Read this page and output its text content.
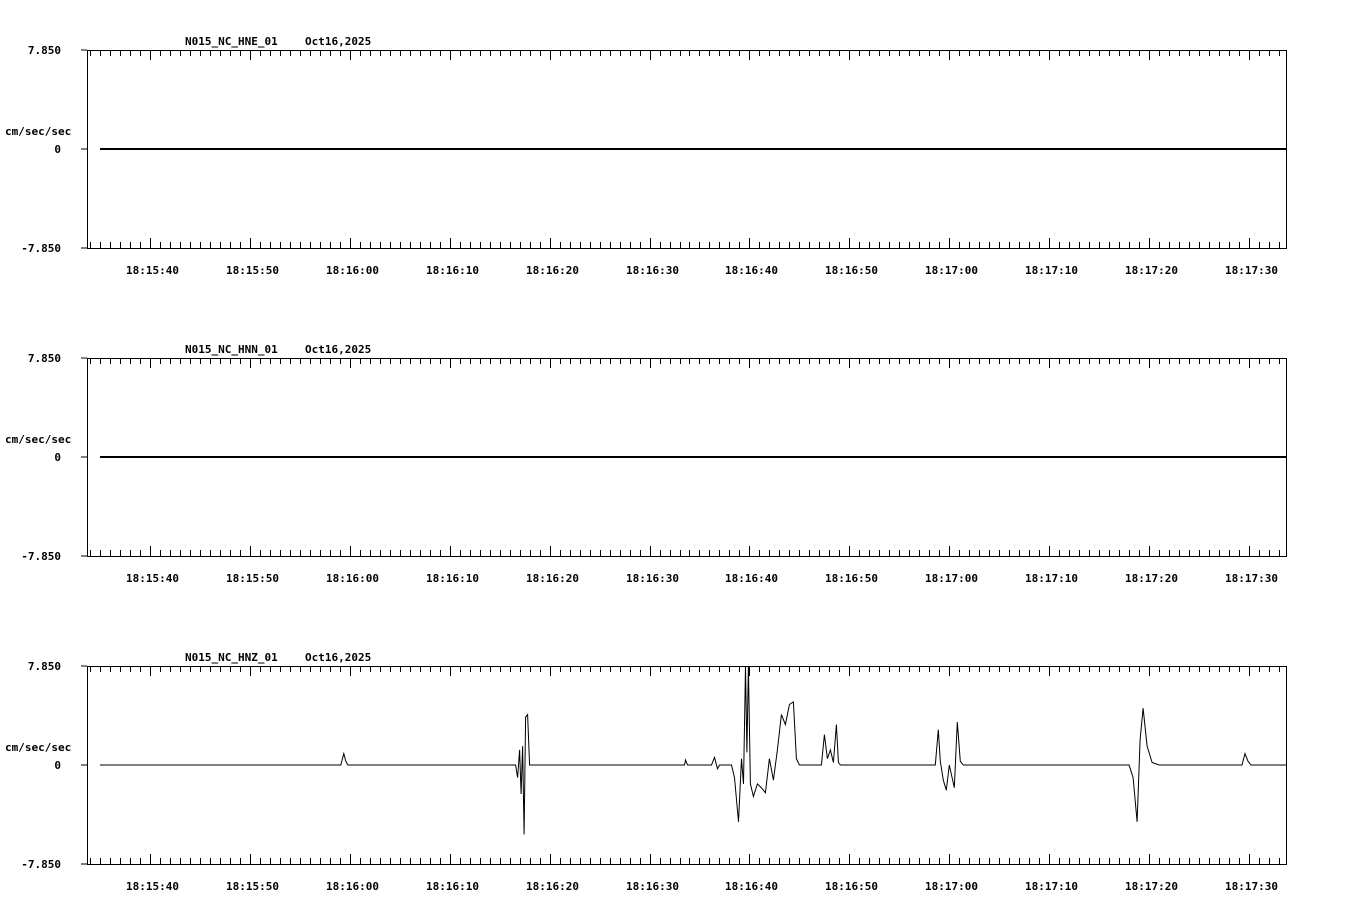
N015_NC_HNE_01 Oct16,2025
cm/sec/sec
7.850
0
-7.850
18:15:40	18:15:50	18:16:00	18:16:10	18:16:20	18:16:30	18:16:40	18:16:50	18:17:00	18:17:10	18:17:20	18:17:30
N015_NC_HNN_01 Oct16,2025
cm/sec/sec
7.850
0
-7.850
18:15:40	18:15:50	18:16:00	18:16:10	18:16:20	18:16:30	18:16:40	18:16:50	18:17:00	18:17:10	18:17:20	18:17:30
N015_NC_HNZ_01 Oct16,2025
cm/sec/sec
7.850
0
-7.850
18:15:40	18:15:50	18:16:00	18:16:10	18:16:20	18:16:30	18:16:40	18:16:50	18:17:00	18:17:10	18:17:20	18:17:30
